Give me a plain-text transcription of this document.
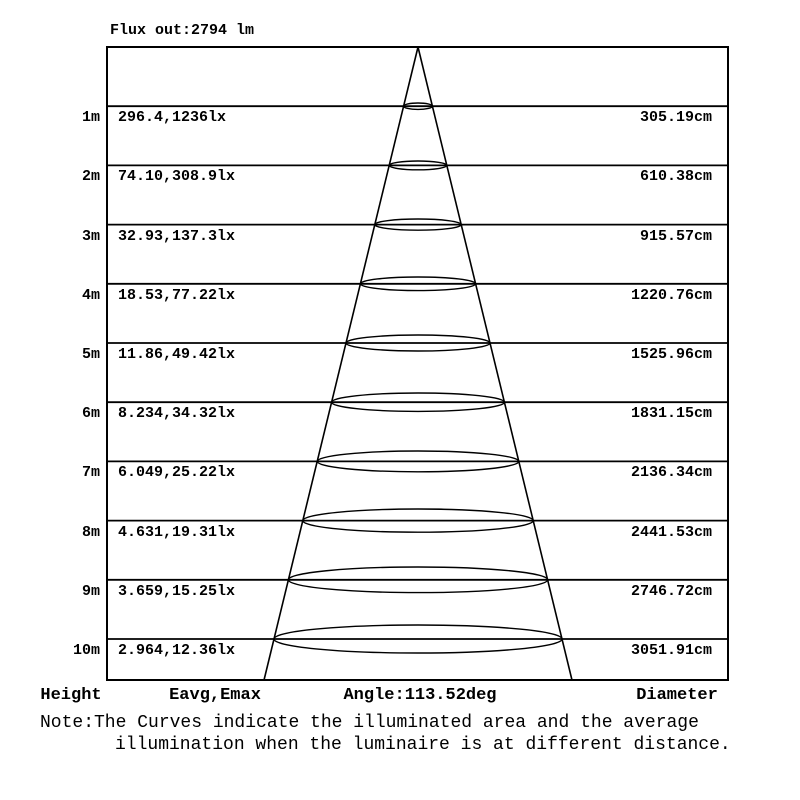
Flux out:2794 lm
1m 296.4,1236lx	305.19cm
2m 74.10,308.9lx	610.38cm
3m 32.93,137.3lx	915.57cm
4m 18.53,77.22lx	1220.76cm
5m 11.86,49.42lx	1525.96cm
6m 8.234,34.32lx	1831.15cm
7m 6.049,25.22lx	2136.34cm
8m 4.631,19.31lx	2441.53cm
9m 3.659,15.25lx	2746.72cm
10m 2.964,12.36lx	3051.91cm
Height	Eavg,Emax	Angle:113.52deg	Diameter
Note:The Curves indicate the illuminated area and the average
illumination when the luminaire is at different distance.
